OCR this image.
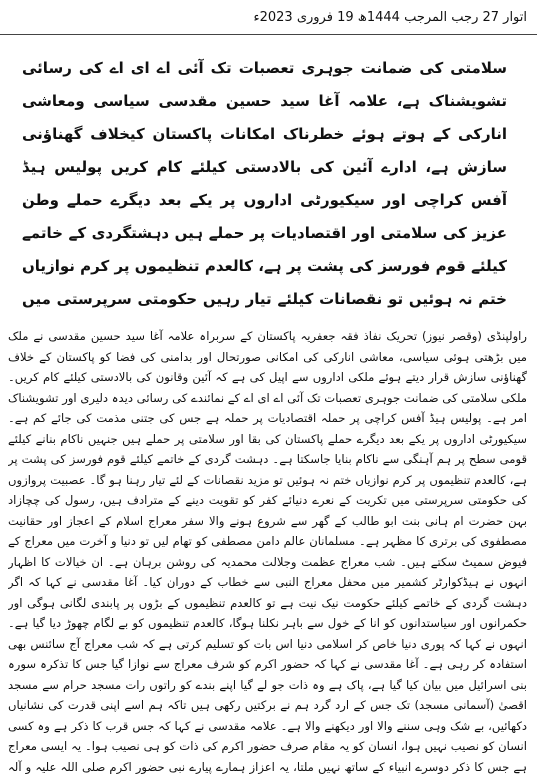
اتوار 27 رجب المرجب 1444ھ 19 فروری 2023ء
سلامتی کی ضمانت جوہری تعصبات تک آئی اے ای اے کی رسائی تشویشناک ہے، علامہ آغا سید حسین مقدسی سیاسی ومعاشی انارکی کے ہوتے ہوئے خطرناک امکانات پاکستان کیخلاف گھناؤنی سازش ہے، ادارے آئین کی بالادستی کیلئے کام کریں پولیس ہیڈ آفس کراچی اور سیکیورٹی اداروں پر یکے بعد دیگرے حملے وطن عزیز کی سلامتی اور اقتصادیات پر حملے ہیں دہشتگردی کے خاتمے کیلئے قوم فورسز کی پشت پر ہے، کالعدم تنظیموں پر کرم نوازیاں ختم نہ ہوئیں تو نقصانات کیلئے تیار رہیں حکومتی سرپرستی میں

راولپنڈی (وقصر نیوز) تحریک نفاذ فقہ جعفریہ پاکستان کے سربراہ علامہ آغا سید حسین مقدسی نے ملک میں بڑھتی ہوئی سیاسی، معاشی انارکی کی امکانی صورتحال اور بدامنی کی فضا کو پاکستان کے خلاف گھناؤنی سازش قرار دیتے ہوئے ملکی اداروں سے اپیل کی ہے کہ آئین وقانون کی بالادستی کیلئے کام کریں۔ ملکی سلامتی کی ضمانت جوہری تعصبات تک آئی اے ای اے کے نمائندے کی رسائی دیدہ دلیری اور تشویشناک امر ہے۔ پولیس ہیڈ آفس کراچی پر حملہ اقتصادیات پر حملہ ہے جس کی جتنی مذمت کی جائے کم ہے۔ سیکیورٹی اداروں پر یکے بعد دیگرے حملے پاکستان کی بقا اور سلامتی پر حملے ہیں جنہیں ناکام بنانے کیلئے قومی سطح پر ہم آہنگی سے ناکام بنایا جاسکتا ہے۔ دہشت گردی کے خاتمے کیلئے قوم فورسز کی پشت پر ہے، کالعدم تنظیموں پر کرم نوازیاں ختم نہ ہوئیں تو مزید نقصانات کے لئے تیار رہنا ہو گا۔ عصبیت پروازوں کی حکومتی سرپرستی میں تکریت کے نعرے دنیائے کفر کو تقویت دینے کے مترادف ہیں، رسول کی چچازاد بہن حضرت ام ہانی بنت ابو طالب کے گھر سے شروع ہونے والا سفر معراج اسلام کے اعجاز اور حقانیت مصطفوی کی برتری کا مظہر ہے۔ مسلمانان عالم دامن مصطفی کو تھام لیں تو دنیا و آخرت میں معراج کے فیوض سمیٹ سکتے ہیں۔ شب معراج عظمت وجلالت محمدیہ کی روشن برہان ہے۔ ان خیالات کا اظہار انہوں نے ہیڈکوارٹر کشمیر میں محفل معراج النبی سے خطاب کے دوران کیا۔ آغا مقدسی نے کہا کہ اگر دہشت گردی کے خاتمے کیلئے حکومت نیک نیت ہے تو کالعدم تنظیموں کے بڑوں پر پابندی لگانی ہوگی اور حکمرانوں اور سیاستدانوں کو انا کے خول سے باہر نکلنا ہوگا، کالعدم تنظیموں کو بے لگام چھوڑ دیا گیا ہے۔ انہوں نے کہا کہ پوری دنیا خاص کر اسلامی دنیا اس بات کو تسلیم کرتی ہے کہ شب معراج آج سائنس بھی استفادہ کر رہی ہے۔ آغا مقدسی نے کہا کہ حضور اکرم کو شرف معراج سے نوازا گیا جس کا تذکرہ سورہ بنی اسرائیل میں بیان کیا گیا ہے، پاک ہے وہ ذات جو لے گیا اپنے بندے کو راتوں رات مسجد حرام سے مسجد اقصیٰ (آسمانی مسجد) تک جس کے ارد گرد ہم نے برکتیں رکھی ہیں تاکہ ہم اسے اپنی قدرت کی نشانیاں دکھائیں، بے شک وہی سننے والا اور دیکھنے والا ہے۔ علامہ مقدسی نے کہا کہ جس قرب کا ذکر ہے وہ کسی انسان کو نصیب نہیں ہوا، انسان کو یہ مقام صرف حضور اکرم کی ذات کو ہی نصیب ہوا۔ یہ ایسی معراج ہے جس کا ذکر دوسرے انبیاء کے ساتھ نہیں ملتا، یہ اعزاز ہمارے پیارے نبی حضور اکرم صلی اللہ علیہ و آلہ
